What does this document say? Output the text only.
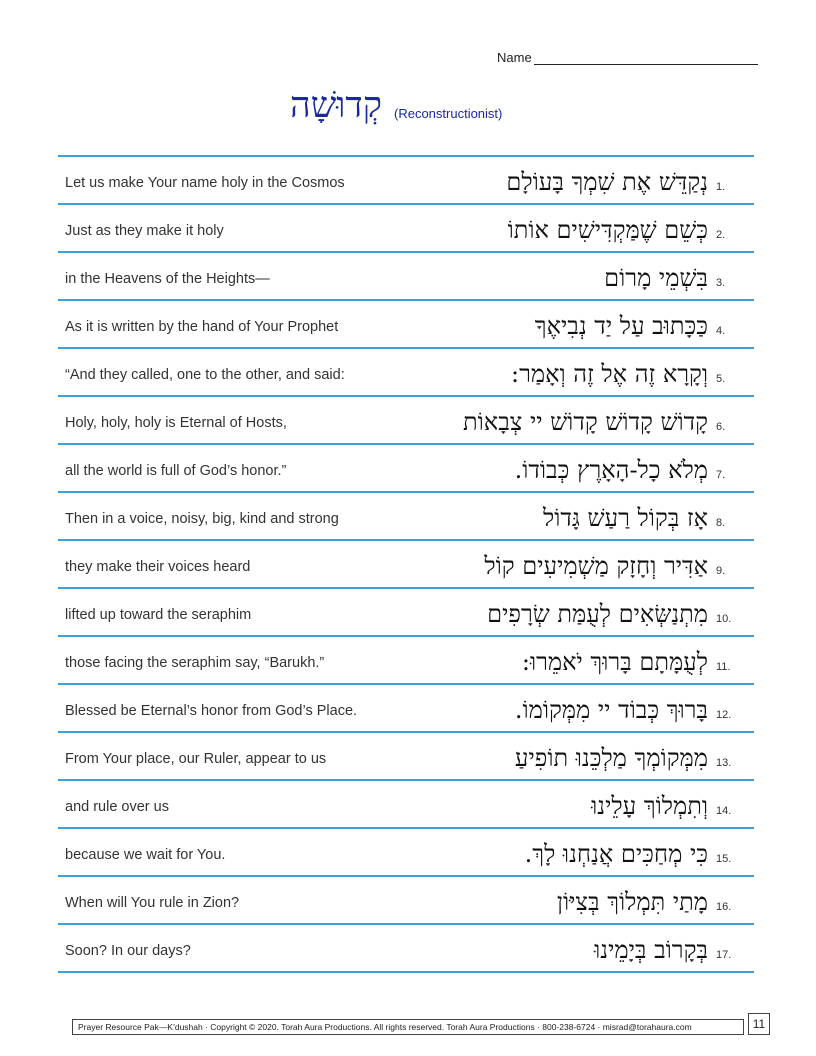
Name
קְדוּשָׁה (Reconstructionist)
Let us make Your name holy in the Cosmos	נְקַדֵּשׁ אֶת שִׁמְךָ בָּעוֹלָם 1.
Just as they make it holy	כְּשֵׁם שֶׁמַּקְדִּישִׁים אוֹתוֹ 2.
in the Heavens of the Heights—	בִּשְׁמֵי מָרוֹם 3.
As it is written by the hand of Your Prophet	כַּכָּתוּב עַל יַד נְבִיאֶךָ 4.
“And they called, one to the other, and said:	וְקָרָא זֶה אֶל זֶה וְאָמַר: 5.
Holy, holy, holy is Eternal of Hosts,	קָדוֹשׁ קָדוֹשׁ קָדוֹשׁ יי צְבָאוֹת 6.
all the world is full of God’s honor.”	מְלֹא כָל-הָאָרֶץ כְּבוֹדוֹ. 7.
Then in a voice, noisy, big, kind and strong	אָז בְּקוֹל רַעַשׁ גָּדוֹל 8.
they make their voices heard	אַדִּיר וְחָזָק מַשְׁמִיעִים קוֹל 9.
lifted up toward the seraphim	מִתְנַשְּׂאִים לְעֻמַּת שְׂרָפִים 10.
those facing the seraphim say, “Barukh.”	לְעֻמָּתָם בָּרוּךְ יֹאמֵרוּ: 11.
Blessed be Eternal’s honor from God’s Place.	בָּרוּךְ כְּבוֹד יי מִמְּקוֹמוֹ. 12.
From Your place, our Ruler, appear to us	מִמְּקוֹמְךָ מַלְכֵּנוּ תוֹפִיעַ 13.
and rule over us	וְתִמְלוֹךְ עָלֵינוּ 14.
because we wait for You.	כִּי מְחַכִּים אֲנַחְנוּ לָךְ. 15.
When will You rule in Zion?	מָתַי תִּמְלוֹךְ בְּצִיּוֹן 16.
Soon? In our days?	בְּקָרוֹב בְּיָמֵינוּ 17.
Prayer Resource Pak—K’dushah · Copyright © 2020. Torah Aura Productions. All rights reserved. Torah Aura Productions · 800-238-6724 · misrad@torahaura.com	11
